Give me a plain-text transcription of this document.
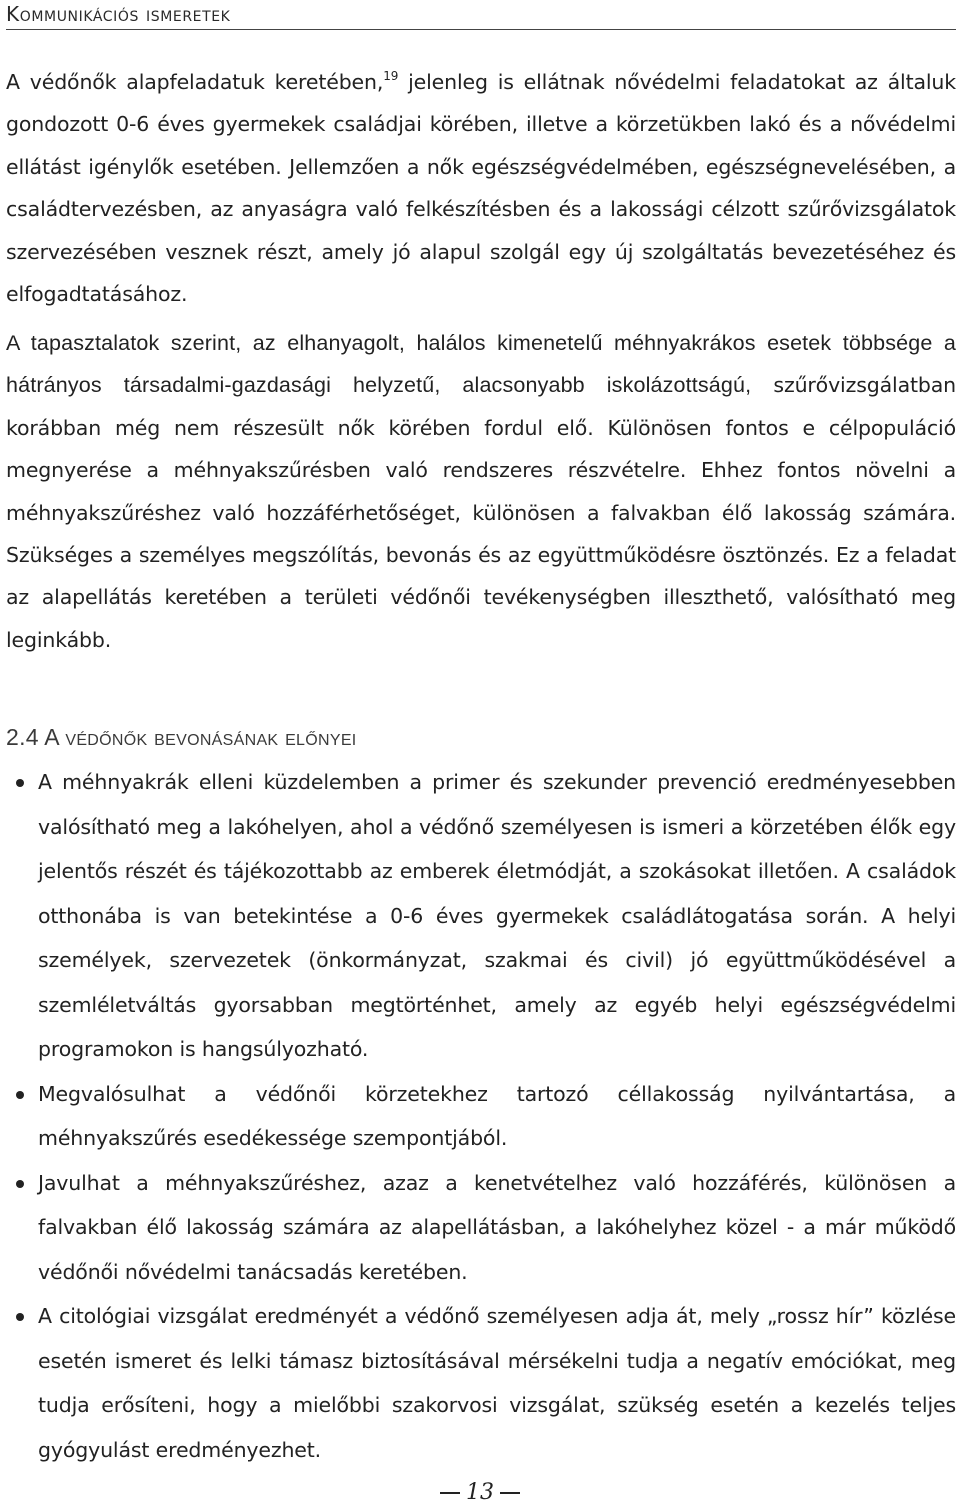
Kommunikációs ismeretek

A védőnők alapfeladatuk keretében,$^{19}$ jelenleg is ellátnak nővédelmi feladatokat az általuk gondozott 0-6 éves gyermekek családjai körében, illetve a körzetükben lakó és a nővédelmi ellátást igénylők esetében. Jellemzően a nők egészségvédelmében, egészségnevelésében, a családtervezésben, az anyaságra való felkészítésben és a lakossági célzott szűrővizsgálatok szervezésében vesznek részt, amely jó alapul szolgál egy új szolgáltatás bevezetéséhez és elfogadtatásához.

A tapasztalatok szerint, az elhanyagolt, halálos kimenetelű méhnyakrákos esetek többsége a hátrányos társadalmi-gazdasági helyzetű, alacsonyabb iskolázottságú, szűrővizsgálatban korábban még nem részesült nők körében fordul elő. Különösen fontos e célpopuláció megnyerése a méhnyakszűrésben való rendszeres részvételre. Ehhez fontos növelni a méhnyakszűréshez való hozzáférhetőséget, különösen a falvakban élő lakosság számára. Szükséges a személyes megszólítás, bevonás és az együttműködésre ösztönzés. Ez a feladat az alapellátás keretében a területi védőnői tevékenységben illeszthető, valósítható meg leginkább.

2.4 A védőnők bevonásának előnyei
A méhnyakrák elleni küzdelemben a primer és szekunder prevenció eredményesebben valósítható meg a lakóhelyen, ahol a védőnő személyesen is ismeri a körzetében élők egy jelentős részét és tájékozottabb az emberek életmódját, a szokásokat illetően. A családok otthonába is van betekintése a 0-6 éves gyermekek családlátogatása során. A helyi személyek, szervezetek (önkormányzat, szakmai és civil) jó együttműködésével a szemléletváltás gyorsabban megtörténhet, amely az egyéb helyi egészségvédelmi programokon is hangsúlyozható.
Megvalósulhat a védőnői körzetekhez tartozó céllakosság nyilvántartása, a méhnyakszűrés esedékessége szempontjából.
Javulhat a méhnyakszűréshez, azaz a kenetvételhez való hozzáférés, különösen a falvakban élő lakosság számára az alapellátásban, a lakóhelyhez közel - a már működő védőnői nővédelmi tanácsadás keretében.
A citológiai vizsgálat eredményét a védőnő személyesen adja át, mely „rossz hír” közlése esetén ismeret és lelki támasz biztosításával mérsékelni tudja a negatív emóciókat, meg tudja erősíteni, hogy a mielőbbi szakorvosi vizsgálat, szükség esetén a kezelés teljes gyógyulást eredményezhet.
13
